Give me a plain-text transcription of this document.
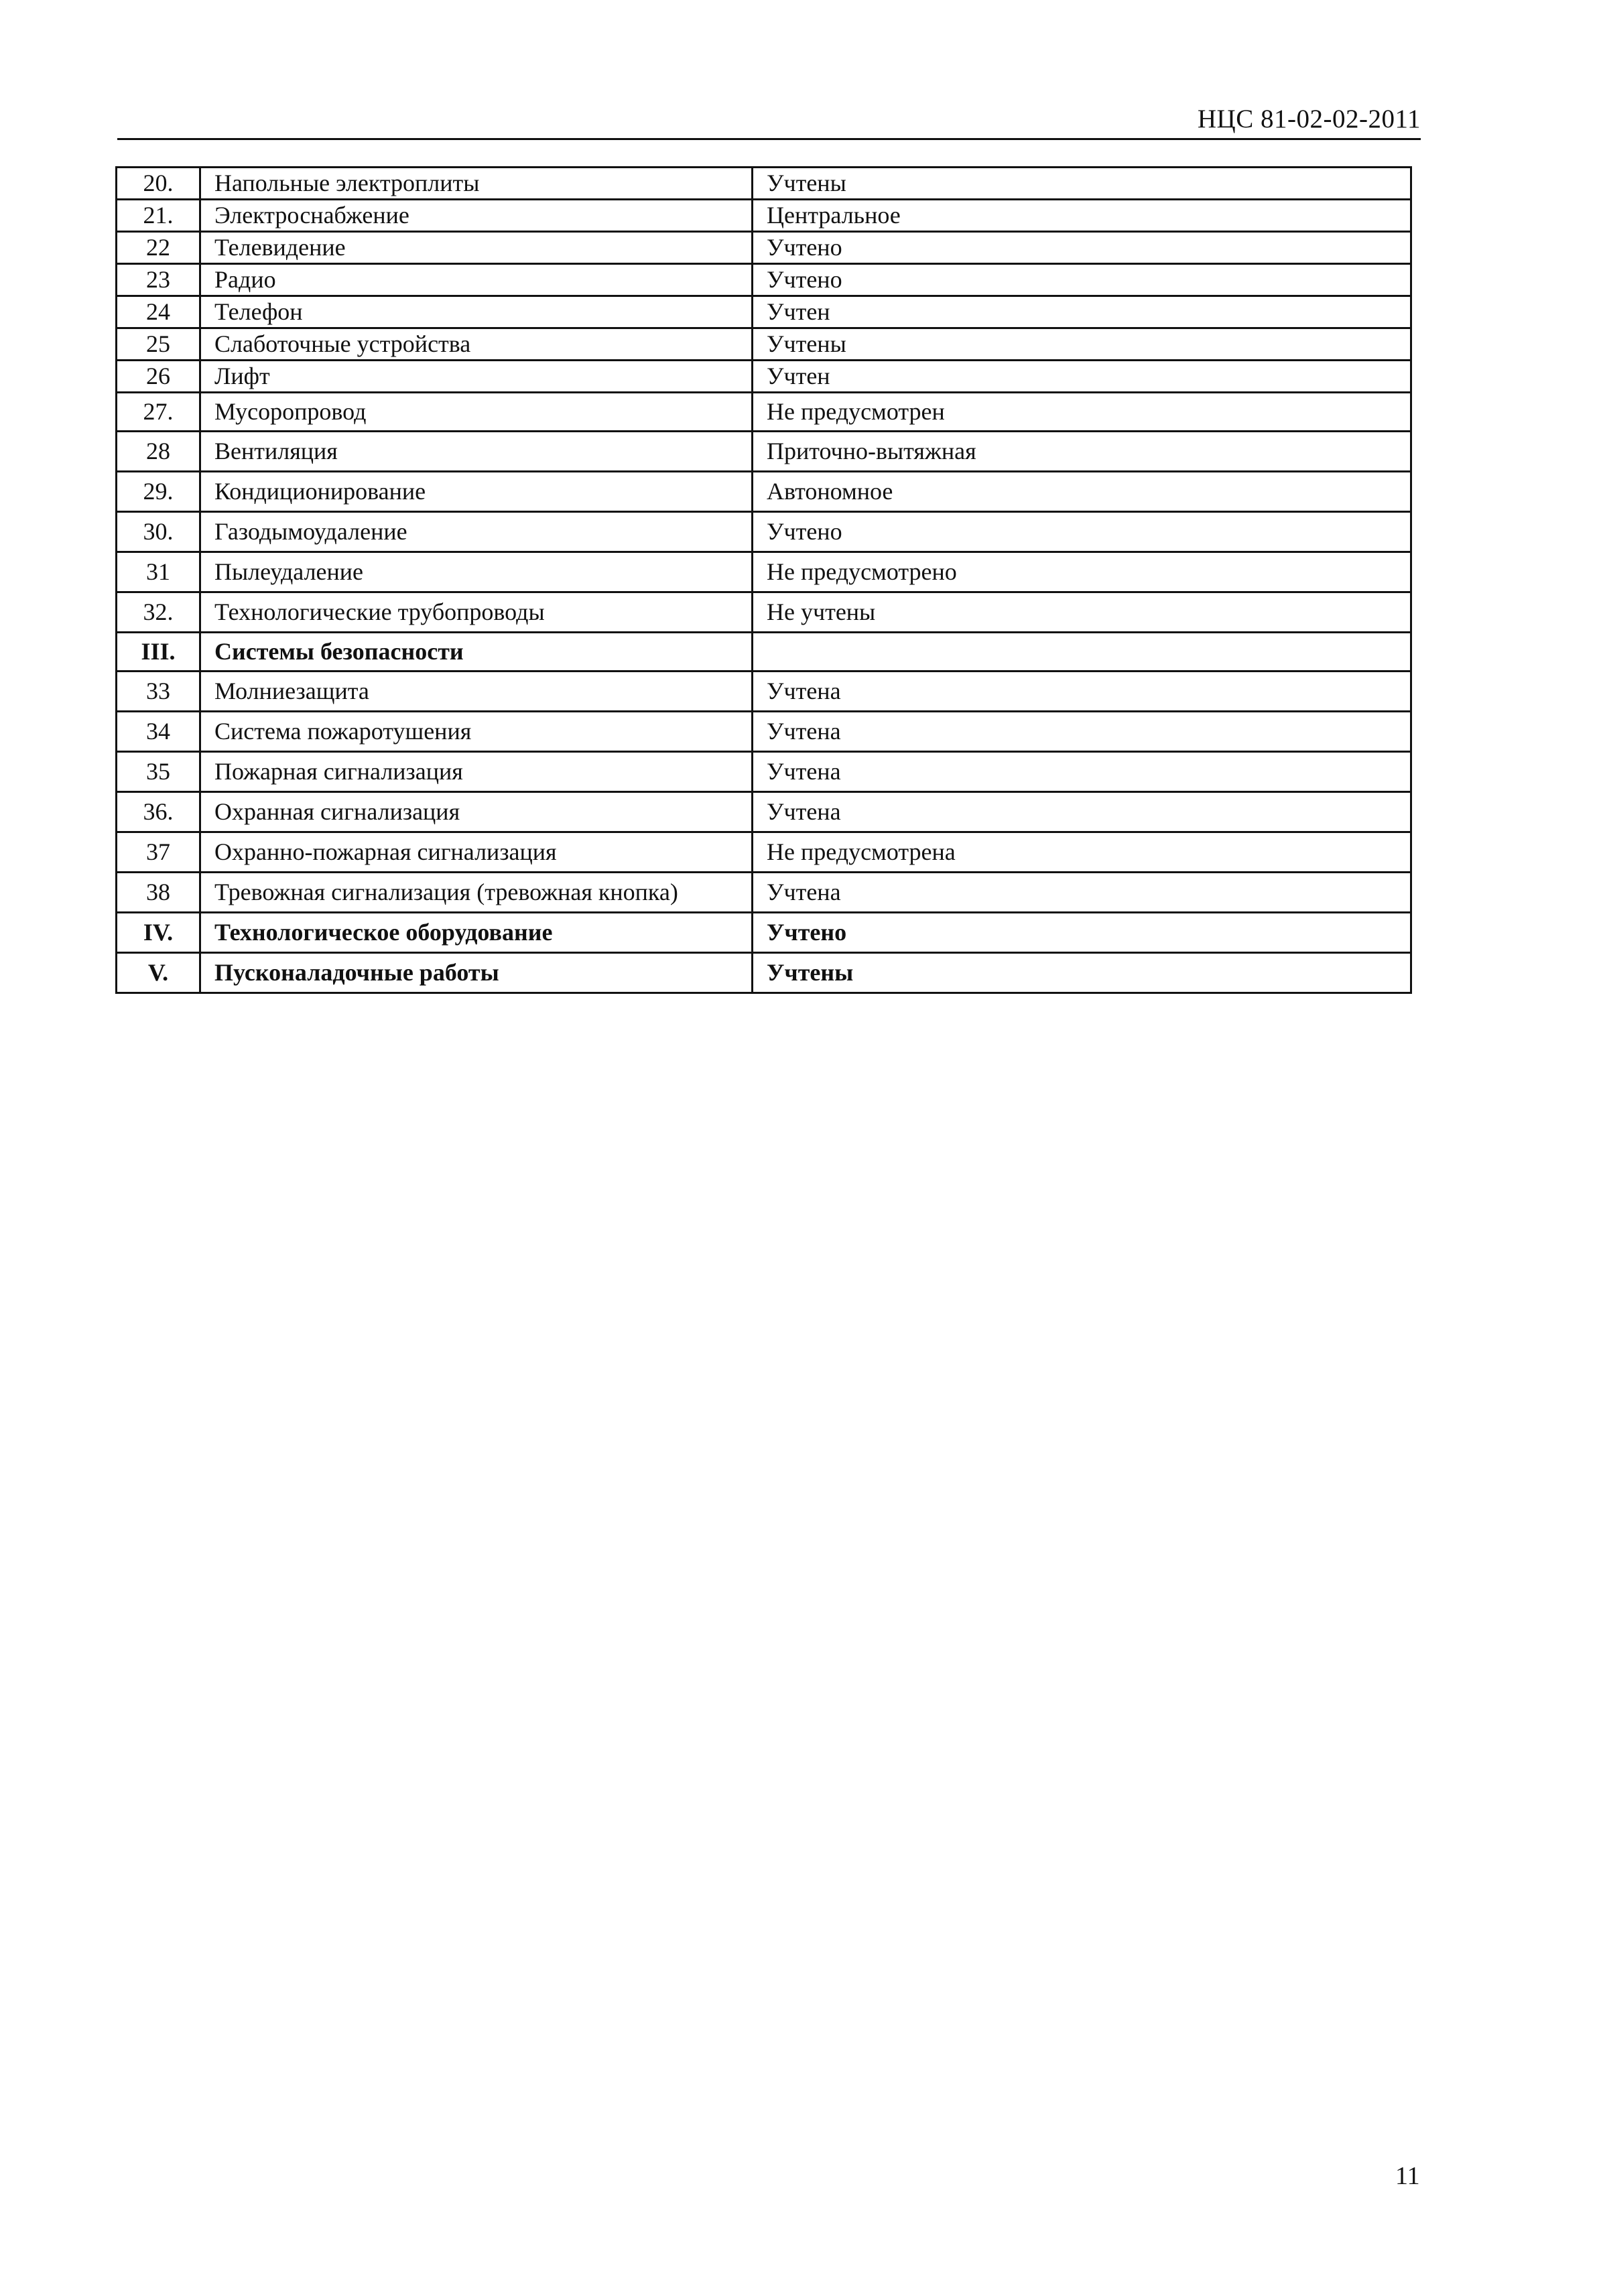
НЦС 81-02-02-2011
20.	Напольные электроплиты	Учтены
21.	Электроснабжение	Центральное
22	Телевидение	Учтено
23	Радио	Учтено
24	Телефон	Учтен
25	Слаботочные устройства	Учтены
26	Лифт	Учтен
27.	Мусоропровод	Не предусмотрен
28	Вентиляция	Приточно-вытяжная
29.	Кондиционирование	Автономное
30.	Газодымоудаление	Учтено
31	Пылеудаление	Не предусмотрено
32.	Технологические трубопроводы	Не учтены
III.	Системы безопасности	
33	Молниезащита	Учтена
34	Система пожаротушения	Учтена
35	Пожарная сигнализация	Учтена
36.	Охранная сигнализация	Учтена
37	Охранно-пожарная сигнализация	Не предусмотрена
38	Тревожная сигнализация (тревожная кнопка)	Учтена
IV.	Технологическое оборудование	Учтено
V.	Пусконаладочные работы	Учтены
11
